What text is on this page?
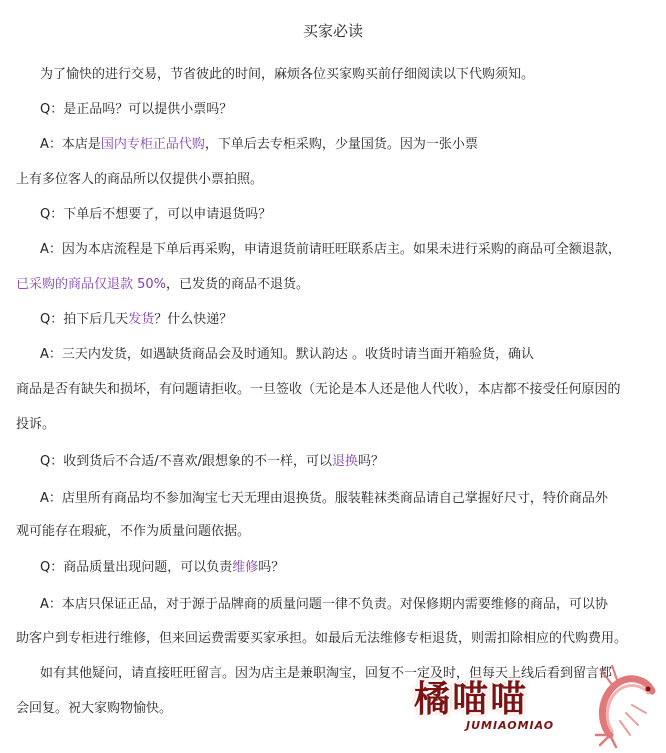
买家必读
为了愉快的进行交易，节省彼此的时间，麻烦各位买家购买前仔细阅读以下代购须知。
Q：是正品吗？可以提供小票吗？
A：本店是国内专柜正品代购，下单后去专柜采购，少量国货。因为一张小票
上有多位客人的商品所以仅提供小票拍照。
Q：下单后不想要了，可以申请退货吗？
A：因为本店流程是下单后再采购，申请退货前请旺旺联系店主。如果未进行采购的商品可全额退款，
已采购的商品仅退款 50%，已发货的商品不退货。
Q：拍下后几天发货？什么快递？
A：三天内发货，如遇缺货商品会及时通知。默认韵达 。收货时请当面开箱验货，确认
商品是否有缺失和损坏，有问题请拒收。一旦签收（无论是本人还是他人代收），本店都不接受任何原因的
投诉。
Q：收到货后不合适/不喜欢/跟想象的不一样，可以退换吗？
A：店里所有商品均不参加淘宝七天无理由退换货。服装鞋袜类商品请自己掌握好尺寸，特价商品外
观可能存在瑕疵，不作为质量问题依据。
Q：商品质量出现问题，可以负责维修吗？
A：本店只保证正品，对于源于品牌商的质量问题一律不负责。对保修期内需要维修的商品，可以协
助客户到专柜进行维修，但来回运费需要买家承担。如最后无法维修专柜退货，则需扣除相应的代购费用。
如有其他疑问，请直接旺旺留言。因为店主是兼职淘宝，回复不一定及时，但每天上线后看到留言都
会回复。祝大家购物愉快。	橘喵喵
JUMIAOMIAO
